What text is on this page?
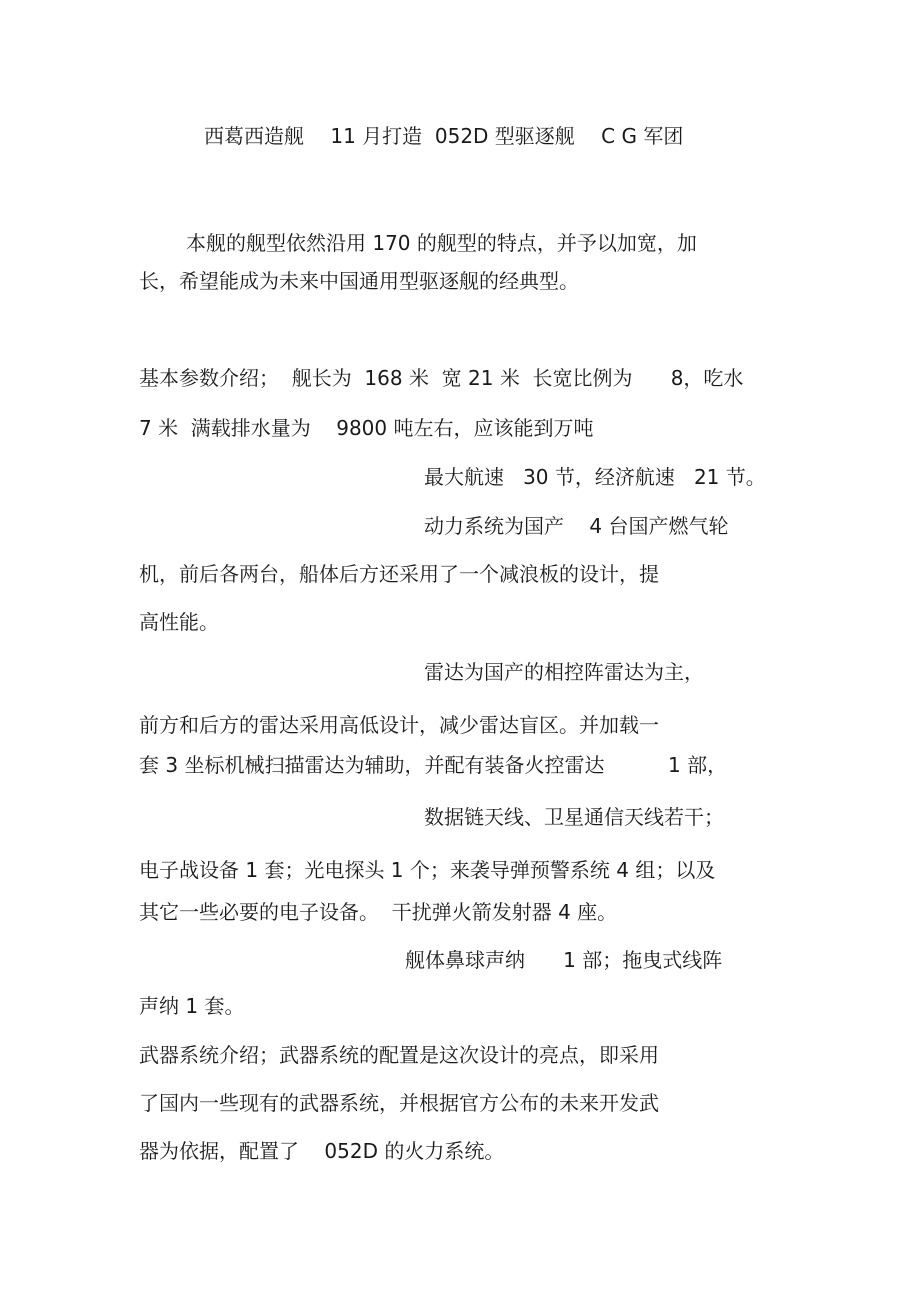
西葛西造舰　 11 月打造  052D 型驱逐舰　 C G 军团
本舰的舰型依然沿用 170 的舰型的特点，并予以加宽，加
长，希望能成为未来中国通用型驱逐舰的经典型。
基本参数介绍；  舰长为  168 米  宽 21 米  长宽比例为      8，吃水
7 米  满载排水量为    9800 吨左右，应该能到万吨
最大航速   30 节，经济航速   21 节。
动力系统为国产    4 台国产燃气轮
机，前后各两台，船体后方还采用了一个减浪板的设计，提
高性能。
雷达为国产的相控阵雷达为主，
前方和后方的雷达采用高低设计，减少雷达盲区。并加载一
套 3 坐标机械扫描雷达为辅助，并配有装备火控雷达          1 部，
数据链天线、卫星通信天线若干；
电子战设备 1 套；光电探头 1 个；来袭导弹预警系统 4 组；以及
其它一些必要的电子设备。  干扰弹火箭发射器 4 座。
舰体鼻球声纳      1 部；拖曳式线阵
声纳 1 套。
武器系统介绍；武器系统的配置是这次设计的亮点，即采用
了国内一些现有的武器系统，并根据官方公布的未来开发武
器为依据，配置了    052D 的火力系统。
